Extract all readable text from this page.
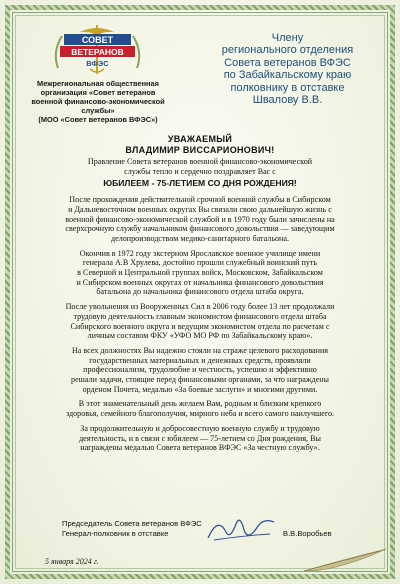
СОВЕТ
ВЕТЕРАНОВ
ВФЭС
Межрегиональная общественная
организация «Совет ветеранов
военной финансово-экономической
службы»
(МОО «Совет ветеранов ВФЭС»)
Члену
регионального отделения
Совета ветеранов ВФЭС
по Забайкальскому краю
полковнику в отставке
Швалову В.В.
УВАЖАЕМЫЙ
ВЛАДИМИР ВИССАРИОНОВИЧ!
Правление Совета ветеранов военной финансово-экономической
службы тепло и сердечно поздравляет Вас с
ЮБИЛЕЕМ - 75-ЛЕТИЕМ СО ДНЯ РОЖДЕНИЯ!
После прохождения действительной срочной военной службы в Сибирском
и Дальневосточном военных округах Вы связали свою дальнейшую жизнь с
военной финансово-экономической службой и в 1970 году были зачислены на
сверхсрочную службу начальником финансового довольствия — заведующим
делопроизводством медико-санитарного батальона.
Окончив в 1972 году экстерном Ярославское военное училище имени
генерала А.В Хрулева, достойно прошли служебный воинский путь
в Северной и Центральной группах войск, Московском, Забайкальском
и Сибирском военных округах от начальника финансового довольствия
батальона до начальника финансового отдела штаба округа.
После увольнения из Вооруженных Сил в 2006 году более 13 лет продолжали
трудовую деятельность главным экономистом финансового отдела штаба
Сибирского военного округа и ведущим экономистом отдела по расчетам с
личным составом ФКУ «УФО МО РФ по Забайкальскому краю».
На всех должностях Вы надежно стояли на страже целевого расходования
государственных материальных и денежных средств, проявляли
профессионализм, трудолюбие и честность, успешно и эффективно
решали задачи, стоящие перед финансовыми органами, за что награждены
орденом Почета, медалью «За боевые заслуги» и многими другими.
В этот знаменательный день желаем Вам, родным и близким крепкого
здоровья, семейного благополучия, мирного неба и всего самого наилучшего.
За продолжительную и добросовестную военную службу и трудовую
деятельность, и в связи с юбилеем — 75-летием со Дня рождения, Вы
награждены медалью Совета ветеранов ВФЭС «За честную службу».
Председатель Совета ветеранов ВФЭС
Генерал-полковник в отставке	В.В.Воробьев
5 января 2024 г.
